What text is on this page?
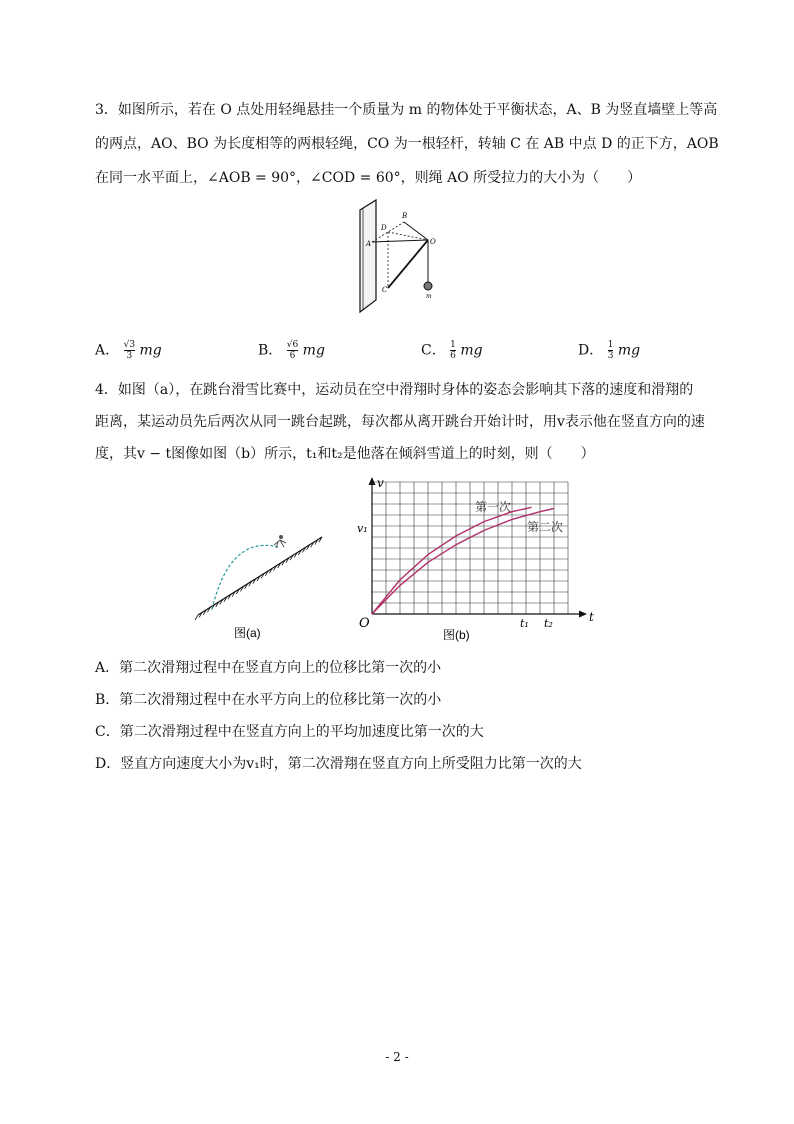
3．如图所示，若在 O 点处用轻绳悬挂一个质量为 m 的物体处于平衡状态，A、B 为竖直墙壁上等高
的两点，AO、BO 为长度相等的两根轻绳，CO 为一根轻杆，转轴 C 在 AB 中点 D 的正下方，AOB
在同一水平面上，∠AOB = 90°，∠COD = 60°，则绳 AO 所受拉力的大小为（　　）
A
B
D
O
C
m
A． $\frac{√3}{3}$ mg	B． $\frac{√6}{6}$ mg	C． $\frac{1}{6}$ mg	D． $\frac{1}{3}$ mg
4．如图（a），在跳台滑雪比赛中，运动员在空中滑翔时身体的姿态会影响其下落的速度和滑翔的
距离，某运动员先后两次从同一跳台起跳，每次都从离开跳台开始计时，用v表示他在竖直方向的速
度，其v − t图像如图（b）所示，t₁和t₂是他落在倾斜雪道上的时刻，则（　　）
图(a)
v
t
O
v₁
t₁ t₂
第一次
第二次
图(b)
A．第二次滑翔过程中在竖直方向上的位移比第一次的小
B．第二次滑翔过程中在水平方向上的位移比第一次的小
C．第二次滑翔过程中在竖直方向上的平均加速度比第一次的大
D．竖直方向速度大小为v₁时，第二次滑翔在竖直方向上所受阻力比第一次的大
- 2 -
